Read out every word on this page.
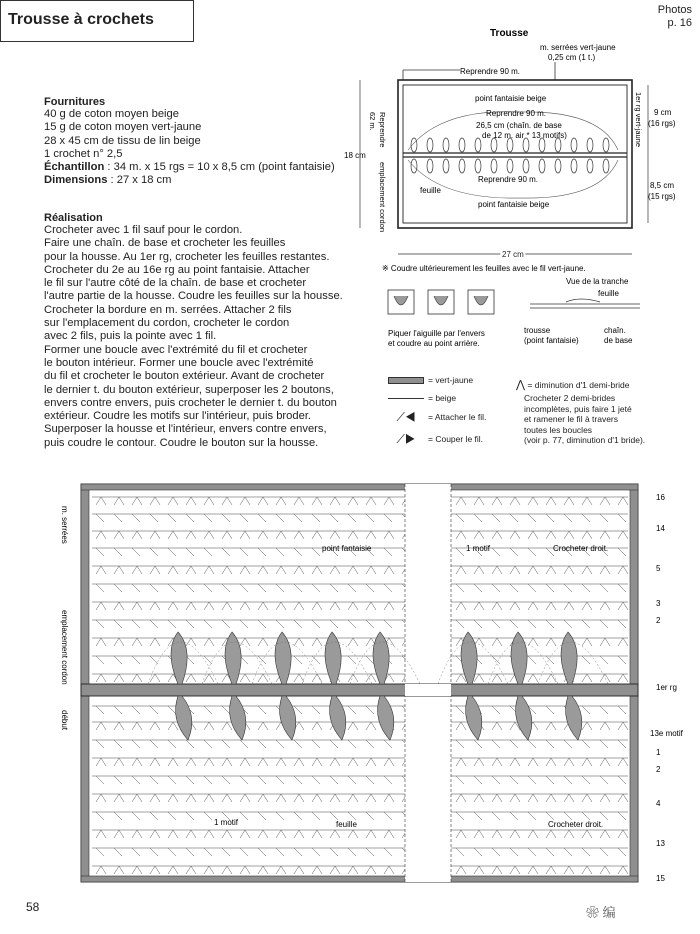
Trousse à crochets
Photos
p. 16
Fournitures
40 g de coton moyen beige
15 g de coton moyen vert-jaune
28 x 45 cm de tissu de lin beige
1 crochet n° 2,5
Échantillon : 34 m. x 15 rgs = 10 x 8,5 cm (point fantaisie)
Dimensions : 27 x 18 cm
Réalisation
Crocheter avec 1 fil sauf pour le cordon.
Faire une chaîn. de base et crocheter les feuilles
pour la housse. Au 1er rg, crocheter les feuilles restantes.
Crocheter du 2e au 16e rg au point fantaisie. Attacher
le fil sur l'autre côté de la chaîn. de base et crocheter
l'autre partie de la housse. Coudre les feuilles sur la housse.
Crocheter la bordure en m. serrées. Attacher 2 fils
sur l'emplacement du cordon, crocheter le cordon
avec 2 fils, puis la pointe avec 1 fil.
Former une boucle avec l'extrémité du fil et crocheter
le bouton intérieur. Former une boucle avec l'extrémité
du fil et crocheter le bouton extérieur. Avant de crocheter
le dernier t. du bouton extérieur, superposer les 2 boutons,
envers contre envers, puis crocheter le dernier t. du bouton
extérieur. Coudre les motifs sur l'intérieur, puis broder.
Superposer la housse et l'intérieur, envers contre envers,
puis coudre le contour. Coudre le bouton sur la housse.
Trousse
m. serrées vert-jaune
0,25 cm (1 t.)
Reprendre 90 m.
point fantaisie beige
Reprendre 90 m.
26,5 cm (chaîn. de base
de 12 m. air * 13 motifs)
Reprendre 90 m.
point fantaisie beige
feuille
Reprendre
62 m.
emplacement cordon
18 cm
1er rg vert-jaune 9 cm
(16 rgs)
8,5 cm
(15 rgs)
27 cm
※ Coudre ultérieurement les feuilles avec le fil vert-jaune.
Piquer l'aiguille par l'envers
et coudre au point arrière.
Vue de la tranche
feuille
trousse
(point fantaisie)
chaîn.
de base
= vert-jaune
= beige
⟋◀	= Attacher le fil.
⟋▶	= Couper le fil.
⋀ = diminution d'1 demi-bride
Crocheter 2 demi-brides
incomplètes, puis faire 1 jeté
et ramener le fil à travers
toutes les boucles
(voir p. 77, diminution d'1 bride).
m. serrées
emplacement cordon
début
point fantaisie	1 motif	Crocheter droit.
1 motif	feuille	Crocheter droit.
13e motif
16
14
5
3
2
1er rg
1
2
4
13
15
58	❀ 编
